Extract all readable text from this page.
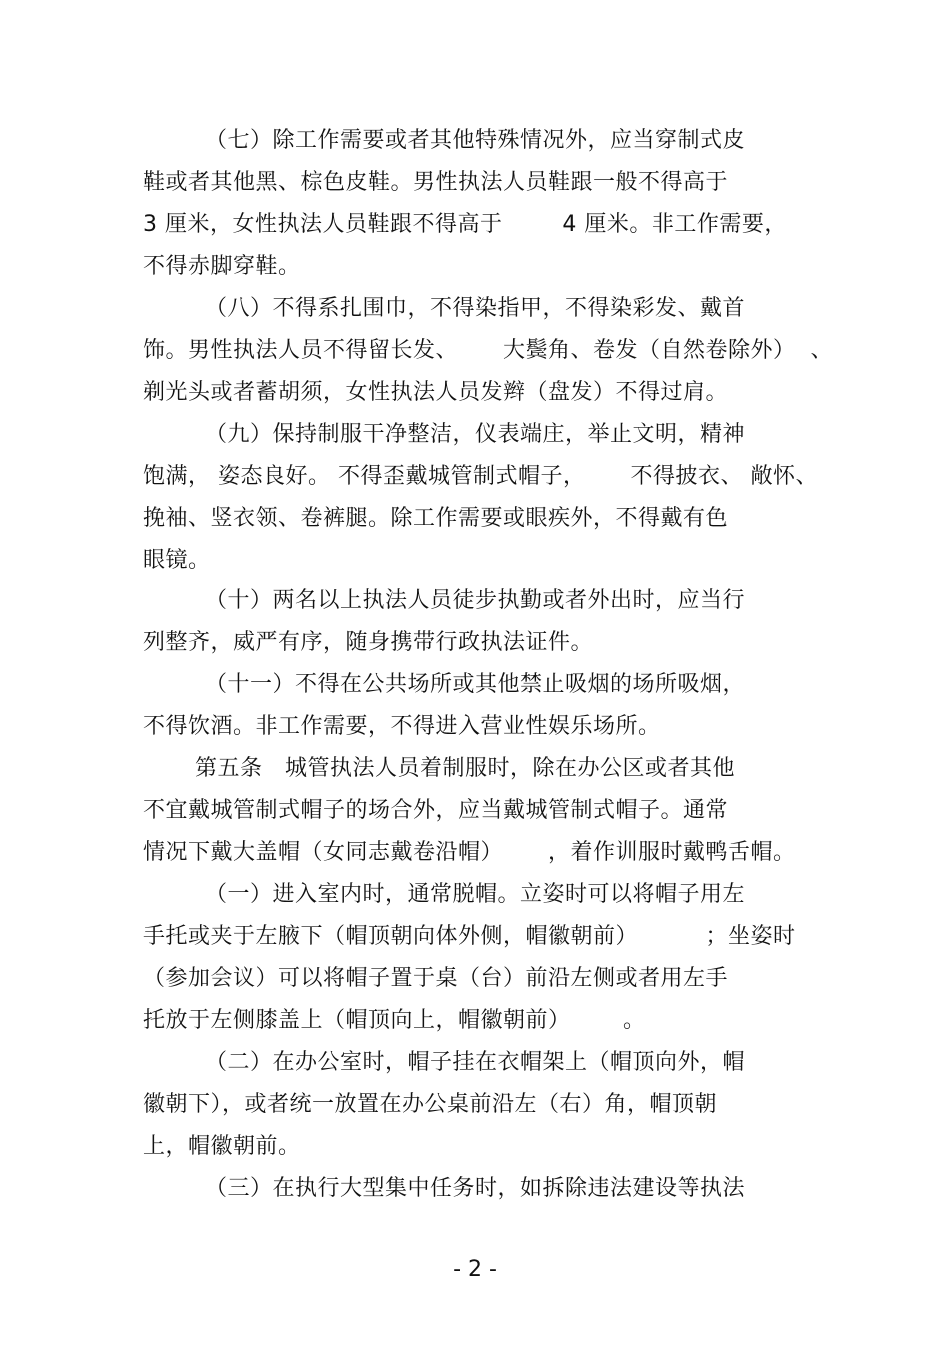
（七）除工作需要或者其他特殊情况外，应当穿制式皮
鞋或者其他黑、棕色皮鞋。男性执法人员鞋跟一般不得高于
3 厘米，女性执法人员鞋跟不得高于        4 厘米。非工作需要，
不得赤脚穿鞋。
（八）不得系扎围巾，不得染指甲，不得染彩发、戴首
饰。男性执法人员不得留长发、      大鬓角、卷发（自然卷除外）  、
剃光头或者蓄胡须，女性执法人员发辫（盘发）不得过肩。
（九）保持制服干净整洁，仪表端庄，举止文明，精神
饱满， 姿态良好。 不得歪戴城管制式帽子，      不得披衣、 敞怀、
挽袖、竖衣领、卷裤腿。除工作需要或眼疾外，不得戴有色
眼镜。
（十）两名以上执法人员徒步执勤或者外出时，应当行
列整齐，威严有序，随身携带行政执法证件。
（十一）不得在公共场所或其他禁止吸烟的场所吸烟，
不得饮酒。非工作需要，不得进入营业性娱乐场所。
第五条   城管执法人员着制服时，除在办公区或者其他
不宜戴城管制式帽子的场合外，应当戴城管制式帽子。通常
情况下戴大盖帽（女同志戴卷沿帽）      ，着作训服时戴鸭舌帽。
（一）进入室内时，通常脱帽。立姿时可以将帽子用左
手托或夹于左腋下（帽顶朝向体外侧，帽徽朝前）         ；坐姿时
（参加会议）可以将帽子置于桌（台）前沿左侧或者用左手
托放于左侧膝盖上（帽顶向上，帽徽朝前）       。
（二）在办公室时，帽子挂在衣帽架上（帽顶向外，帽
徽朝下），或者统一放置在办公桌前沿左（右）角，帽顶朝
上，帽徽朝前。
（三）在执行大型集中任务时，如拆除违法建设等执法
- 2 -
